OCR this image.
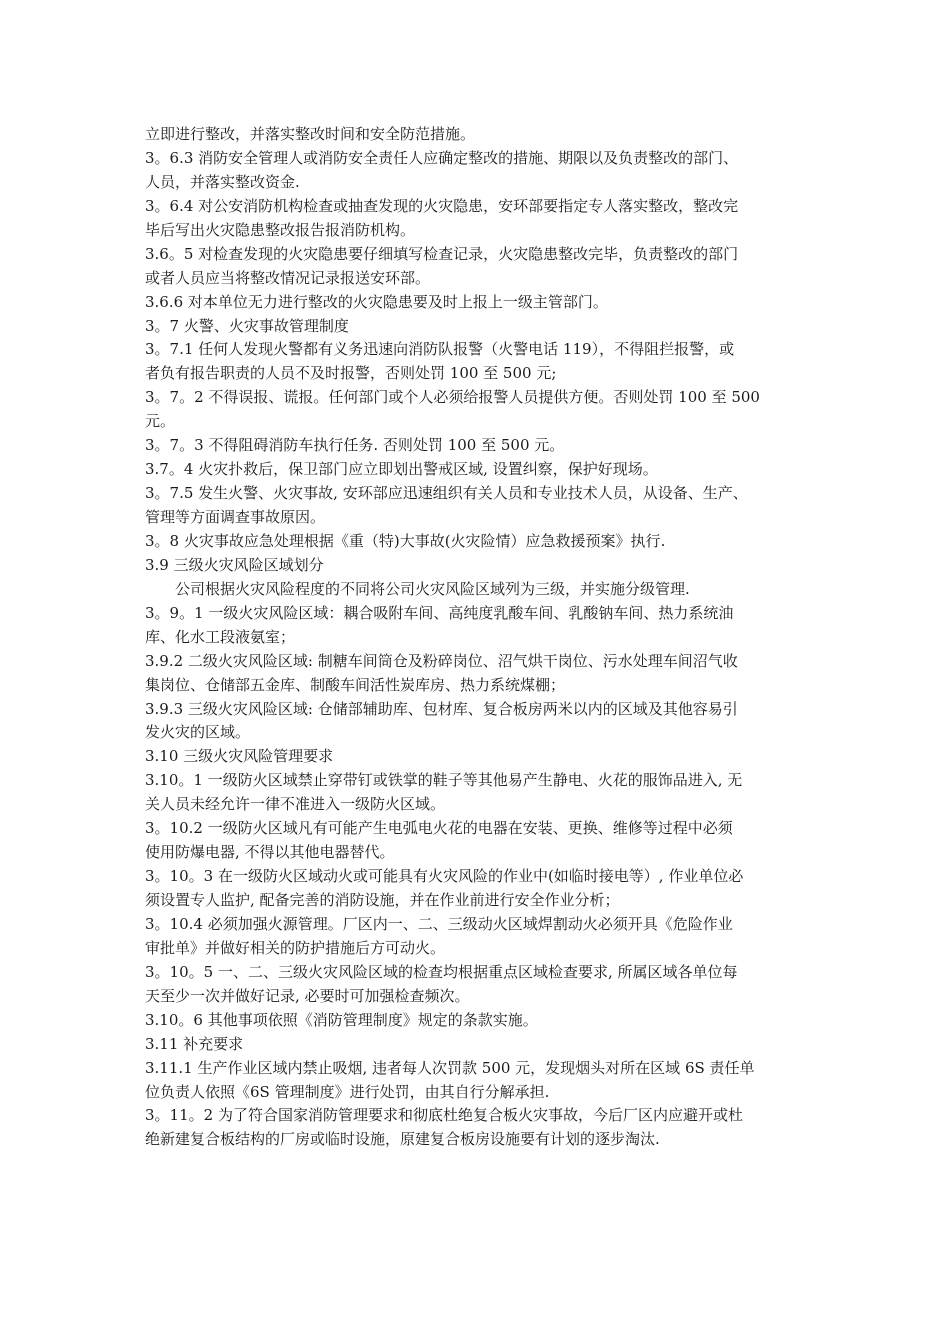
立即进行整改，并落实整改时间和安全防范措施。
3。6.3 消防安全管理人或消防安全责任人应确定整改的措施、期限以及负责整改的部门、
人员，并落实整改资金.
3。6.4 对公安消防机构检查或抽查发现的火灾隐患，安环部要指定专人落实整改，整改完
毕后写出火灾隐患整改报告报消防机构。
3.6。5 对检查发现的火灾隐患要仔细填写检查记录，火灾隐患整改完毕，负责整改的部门
或者人员应当将整改情况记录报送安环部。
3.6.6 对本单位无力进行整改的火灾隐患要及时上报上一级主管部门。
3。7 火警、火灾事故管理制度
3。7.1 任何人发现火警都有义务迅速向消防队报警（火警电话 119），不得阻拦报警，或
者负有报告职责的人员不及时报警，否则处罚 100 至 500 元;
3。7。2 不得误报、谎报。任何部门或个人必须给报警人员提供方便。否则处罚 100 至 500
元。
3。7。3 不得阻碍消防车执行任务. 否则处罚 100 至 500 元。
3.7。4 火灾扑救后，保卫部门应立即划出警戒区域, 设置纠察，保护好现场。
3。7.5 发生火警、火灾事故, 安环部应迅速组织有关人员和专业技术人员，从设备、生产、
管理等方面调查事故原因。
3。8 火灾事故应急处理根据《重（特)大事故(火灾险情）应急救援预案》执行.
3.9 三级火灾风险区域划分
公司根据火灾风险程度的不同将公司火灾风险区域列为三级，并实施分级管理.
3。9。1 一级火灾风险区域：耦合吸附车间、高纯度乳酸车间、乳酸钠车间、热力系统油
库、化水工段液氨室；
3.9.2 二级火灾风险区域: 制糖车间筒仓及粉碎岗位、沼气烘干岗位、污水处理车间沼气收
集岗位、仓储部五金库、制酸车间活性炭库房、热力系统煤棚；
3.9.3 三级火灾风险区域: 仓储部辅助库、包材库、复合板房两米以内的区域及其他容易引
发火灾的区域。
3.10 三级火灾风险管理要求
3.10。1 一级防火区域禁止穿带钉或铁掌的鞋子等其他易产生静电、火花的服饰品进入, 无
关人员未经允许一律不准进入一级防火区域。
3。10.2 一级防火区域凡有可能产生电弧电火花的电器在安装、更换、维修等过程中必须
使用防爆电器, 不得以其他电器替代。
3。10。3 在一级防火区域动火或可能具有火灾风险的作业中(如临时接电等）, 作业单位必
须设置专人监护, 配备完善的消防设施，并在作业前进行安全作业分析；
3。10.4 必须加强火源管理。厂区内一、二、三级动火区域焊割动火必须开具《危险作业
审批单》并做好相关的防护措施后方可动火。
3。10。5 一、二、三级火灾风险区域的检查均根据重点区域检查要求, 所属区域各单位每
天至少一次并做好记录, 必要时可加强检查频次。
3.10。6 其他事项依照《消防管理制度》规定的条款实施。
3.11 补充要求
3.11.1 生产作业区域内禁止吸烟, 违者每人次罚款 500 元，发现烟头对所在区域 6S 责任单
位负责人依照《6S 管理制度》进行处罚，由其自行分解承担.
3。11。2 为了符合国家消防管理要求和彻底杜绝复合板火灾事故，今后厂区内应避开或杜
绝新建复合板结构的厂房或临时设施，原建复合板房设施要有计划的逐步淘汰.
